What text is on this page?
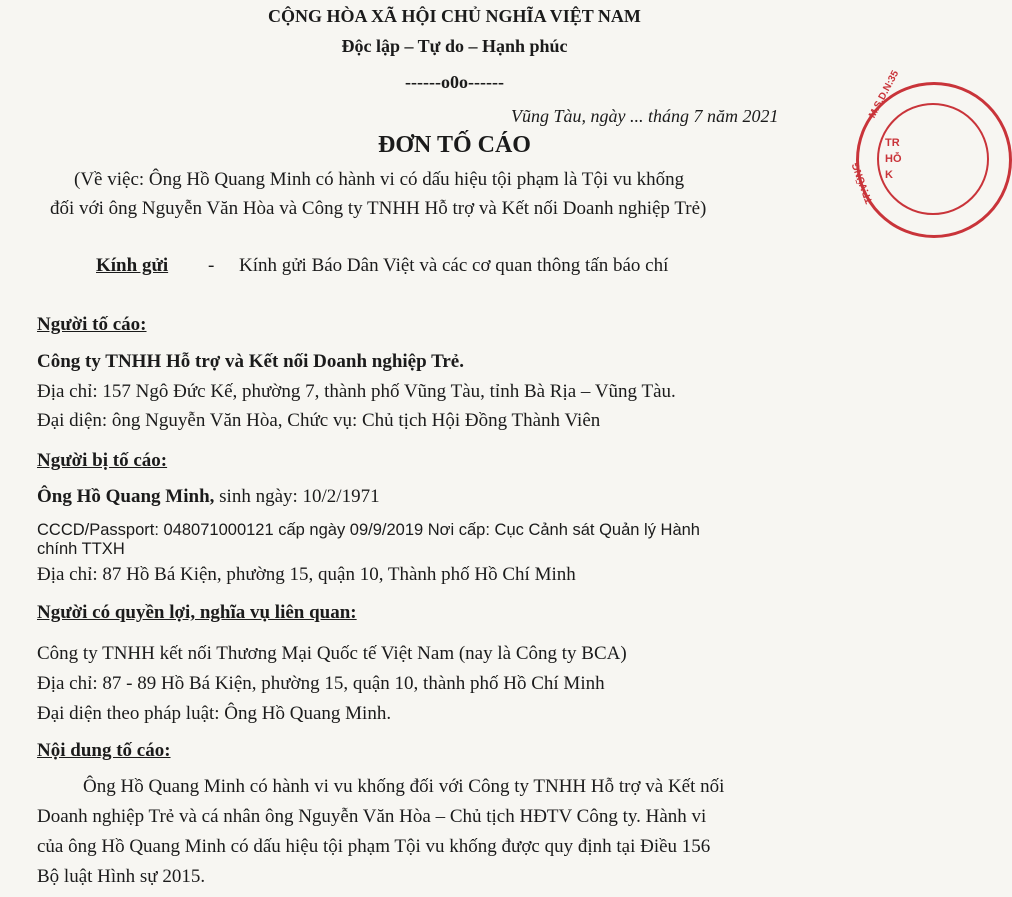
CỘNG HÒA XÃ HỘI CHỦ NGHĨA VIỆT NAM
Độc lập – Tự do – Hạnh phúc
------o0o------
Vũng Tàu, ngày ... tháng 7 năm 2021
ĐƠN TỐ CÁO
(Về việc: Ông Hồ Quang Minh có hành vi có dấu hiệu tội phạm là Tội vu khống
đối với ông Nguyễn Văn Hòa và Công ty TNHH Hỗ trợ và Kết nối Doanh nghiệp Trẻ)
Kính gửi - Kính gửi Báo Dân Việt và các cơ quan thông tấn báo chí
Người tố cáo:
Công ty TNHH Hỗ trợ và Kết nối Doanh nghiệp Trẻ.
Địa chỉ: 157 Ngô Đức Kế, phường 7, thành phố Vũng Tàu, tỉnh Bà Rịa – Vũng Tàu.
Đại diện: ông Nguyễn Văn Hòa, Chức vụ: Chủ tịch Hội Đồng Thành Viên
Người bị tố cáo:
Ông Hồ Quang Minh, sinh ngày: 10/2/1971
CCCD/Passport: 048071000121 cấp ngày 09/9/2019 Nơi cấp: Cục Cảnh sát Quản lý Hành
chính TTXH
Địa chỉ: 87 Hồ Bá Kiện, phường 15, quận 10, Thành phố Hồ Chí Minh
Người có quyền lợi, nghĩa vụ liên quan:
Công ty TNHH kết nối Thương Mại Quốc tế Việt Nam (nay là Công ty BCA)
Địa chỉ: 87 - 89 Hồ Bá Kiện, phường 15, quận 10, thành phố Hồ Chí Minh
Đại diện theo pháp luật: Ông Hồ Quang Minh.
Nội dung tố cáo:
Ông Hồ Quang Minh có hành vi vu khống đối với Công ty TNHH Hỗ trợ và Kết nối
Doanh nghiệp Trẻ và cá nhân ông Nguyễn Văn Hòa – Chủ tịch HĐTV Công ty. Hành vi
của ông Hồ Quang Minh có dấu hiệu tội phạm Tội vu khống được quy định tại Điều 156
Bộ luật Hình sự 2015.
M.S.D.N:35
TP.VŨNG
TR
HỖ
K
